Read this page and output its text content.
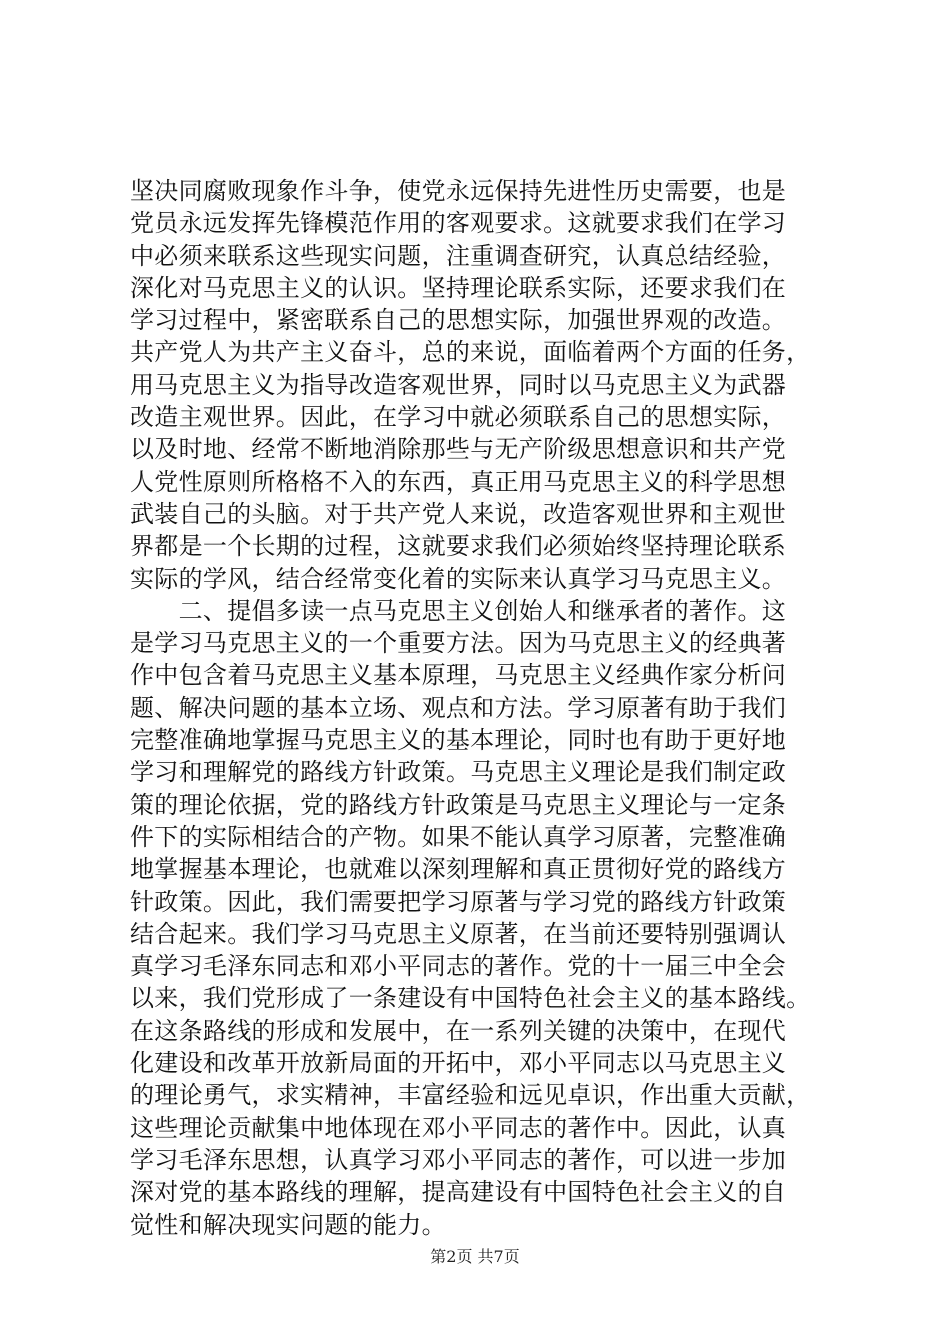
坚决同腐败现象作斗争，使党永远保持先进性历史需要，也是
党员永远发挥先锋模范作用的客观要求。这就要求我们在学习
中必须来联系这些现实问题，注重调查研究，认真总结经验，
深化对马克思主义的认识。坚持理论联系实际，还要求我们在
学习过程中，紧密联系自己的思想实际，加强世界观的改造。
共产党人为共产主义奋斗，总的来说，面临着两个方面的任务，
用马克思主义为指导改造客观世界，同时以马克思主义为武器
改造主观世界。因此，在学习中就必须联系自己的思想实际，
以及时地、经常不断地消除那些与无产阶级思想意识和共产党
人党性原则所格格不入的东西，真正用马克思主义的科学思想
武装自己的头脑。对于共产党人来说，改造客观世界和主观世
界都是一个长期的过程，这就要求我们必须始终坚持理论联系
实际的学风，结合经常变化着的实际来认真学习马克思主义。
　　二、提倡多读一点马克思主义创始人和继承者的著作。这
是学习马克思主义的一个重要方法。因为马克思主义的经典著
作中包含着马克思主义基本原理，马克思主义经典作家分析问
题、解决问题的基本立场、观点和方法。学习原著有助于我们
完整准确地掌握马克思主义的基本理论，同时也有助于更好地
学习和理解党的路线方针政策。马克思主义理论是我们制定政
策的理论依据，党的路线方针政策是马克思主义理论与一定条
件下的实际相结合的产物。如果不能认真学习原著，完整准确
地掌握基本理论，也就难以深刻理解和真正贯彻好党的路线方
针政策。因此，我们需要把学习原著与学习党的路线方针政策
结合起来。我们学习马克思主义原著，在当前还要特别强调认
真学习毛泽东同志和邓小平同志的著作。党的十一届三中全会
以来，我们党形成了一条建设有中国特色社会主义的基本路线。
在这条路线的形成和发展中，在一系列关键的决策中，在现代
化建设和改革开放新局面的开拓中，邓小平同志以马克思主义
的理论勇气，求实精神，丰富经验和远见卓识，作出重大贡献，
这些理论贡献集中地体现在邓小平同志的著作中。因此，认真
学习毛泽东思想，认真学习邓小平同志的著作，可以进一步加
深对党的基本路线的理解，提高建设有中国特色社会主义的自
觉性和解决现实问题的能力。
第2页 共7页
